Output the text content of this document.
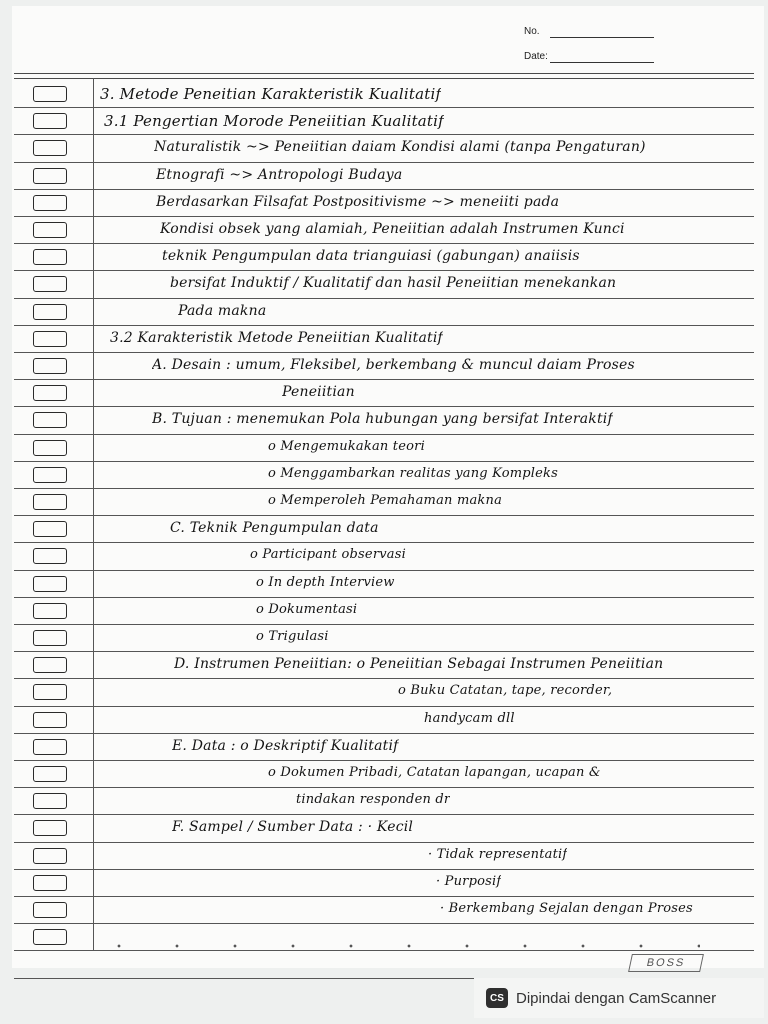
No.
Date:
3. Metode Peneitian Karakteristik Kualitatif
3.1 Pengertian Morode Peneiitian Kualitatif
Naturalistik ~> Peneiitian daiam Kondisi alami (tanpa Pengaturan)
Etnografi ~> Antropologi Budaya
Berdasarkan Filsafat Postpositivisme ~> meneiiti pada
Kondisi obsek yang alamiah, Peneiitian adalah Instrumen Kunci
teknik Pengumpulan data trianguiasi (gabungan) anaiisis
bersifat Induktif / Kualitatif dan hasil Peneiitian menekankan
Pada makna
3.2 Karakteristik Metode Peneiitian Kualitatif
A. Desain : umum, Fleksibel, berkembang & muncul daiam Proses
Peneiitian
B. Tujuan : menemukan Pola hubungan yang bersifat Interaktif
o Mengemukakan teori
o Menggambarkan realitas yang Kompleks
o Memperoleh Pemahaman makna
C. Teknik Pengumpulan data
o Participant observasi
o In depth Interview
o Dokumentasi
o Trigulasi
D. Instrumen Peneiitian: o Peneiitian Sebagai Instrumen Peneiitian
o Buku Catatan, tape, recorder,
handycam dll
E. Data : o Deskriptif Kualitatif
o Dokumen Pribadi, Catatan lapangan, ucapan &
tindakan responden dr
F. Sampel / Sumber Data : · Kecil
· Tidak representatif
· Purposif
· Berkembang Sejalan dengan Proses
BOSS
CS Dipindai dengan CamScanner
